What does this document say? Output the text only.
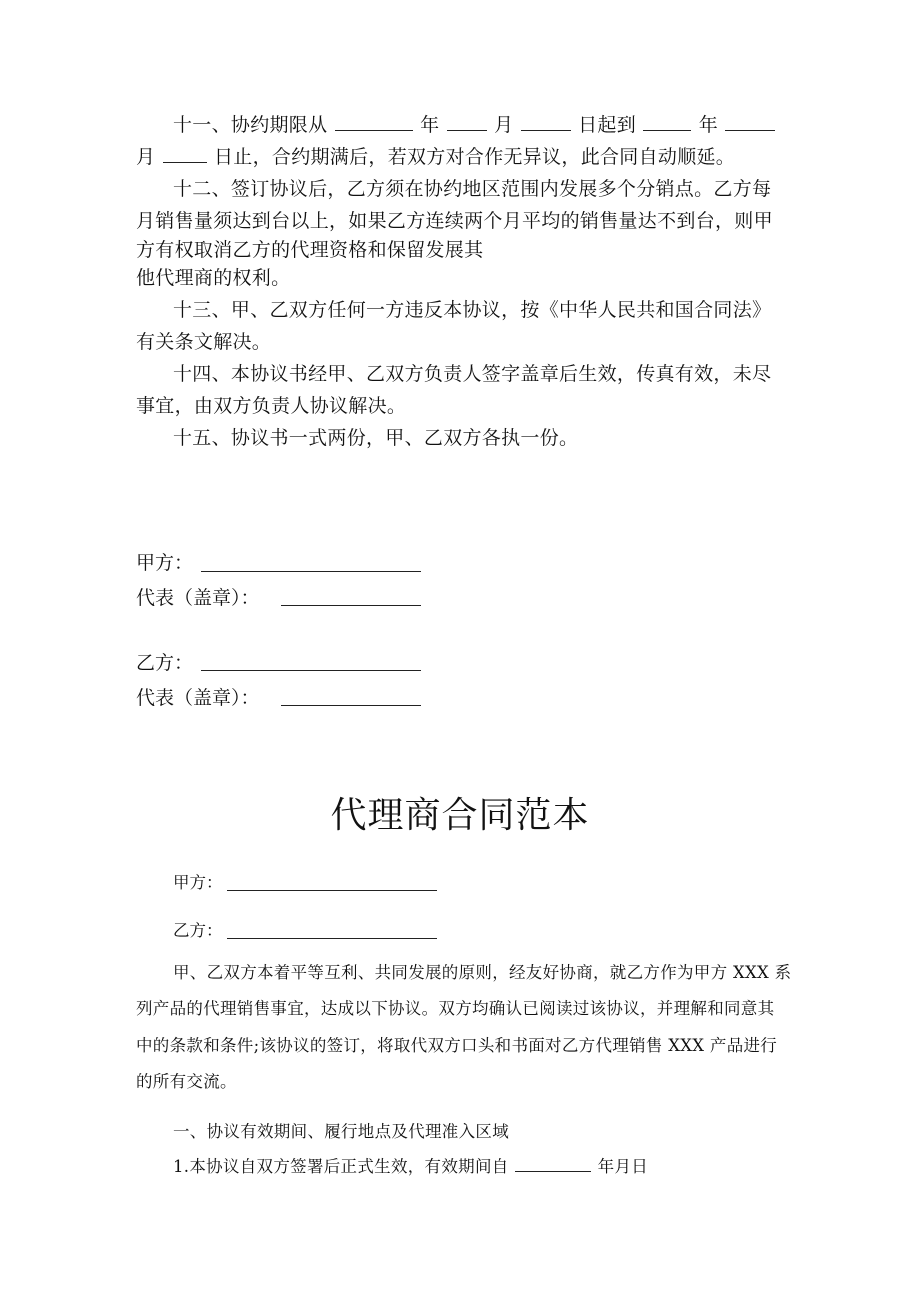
十一、协约期限从	年	月	日起到	年
月	日止，合约期满后，若双方对合作无异议，此合同自动顺延。
十二、签订协议后，乙方须在协约地区范围内发展多个分销点。乙方每
月销售量须达到台以上，如果乙方连续两个月平均的销售量达不到台，则甲
方有权取消乙方的代理资格和保留发展其
他代理商的权利。
十三、甲、乙双方任何一方违反本协议，按《中华人民共和国合同法》
有关条文解决。
十四、本协议书经甲、乙双方负责人签字盖章后生效，传真有效，未尽
事宜，由双方负责人协议解决。
十五、协议书一式两份，甲、乙双方各执一份。
甲方：
代表（盖章）：
乙方：
代表（盖章）：
代理商合同范本
甲方：
乙方：
甲、乙双方本着平等互利、共同发展的原则，经友好协商，就乙方作为甲方 XXX 系
列产品的代理销售事宜，达成以下协议。双方均确认已阅读过该协议，并理解和同意其
中的条款和条件;该协议的签订，将取代双方口头和书面对乙方代理销售 XXX 产品进行
的所有交流。
一、协议有效期间、履行地点及代理准入区域
1.本协议自双方签署后正式生效，有效期间自	年月日
